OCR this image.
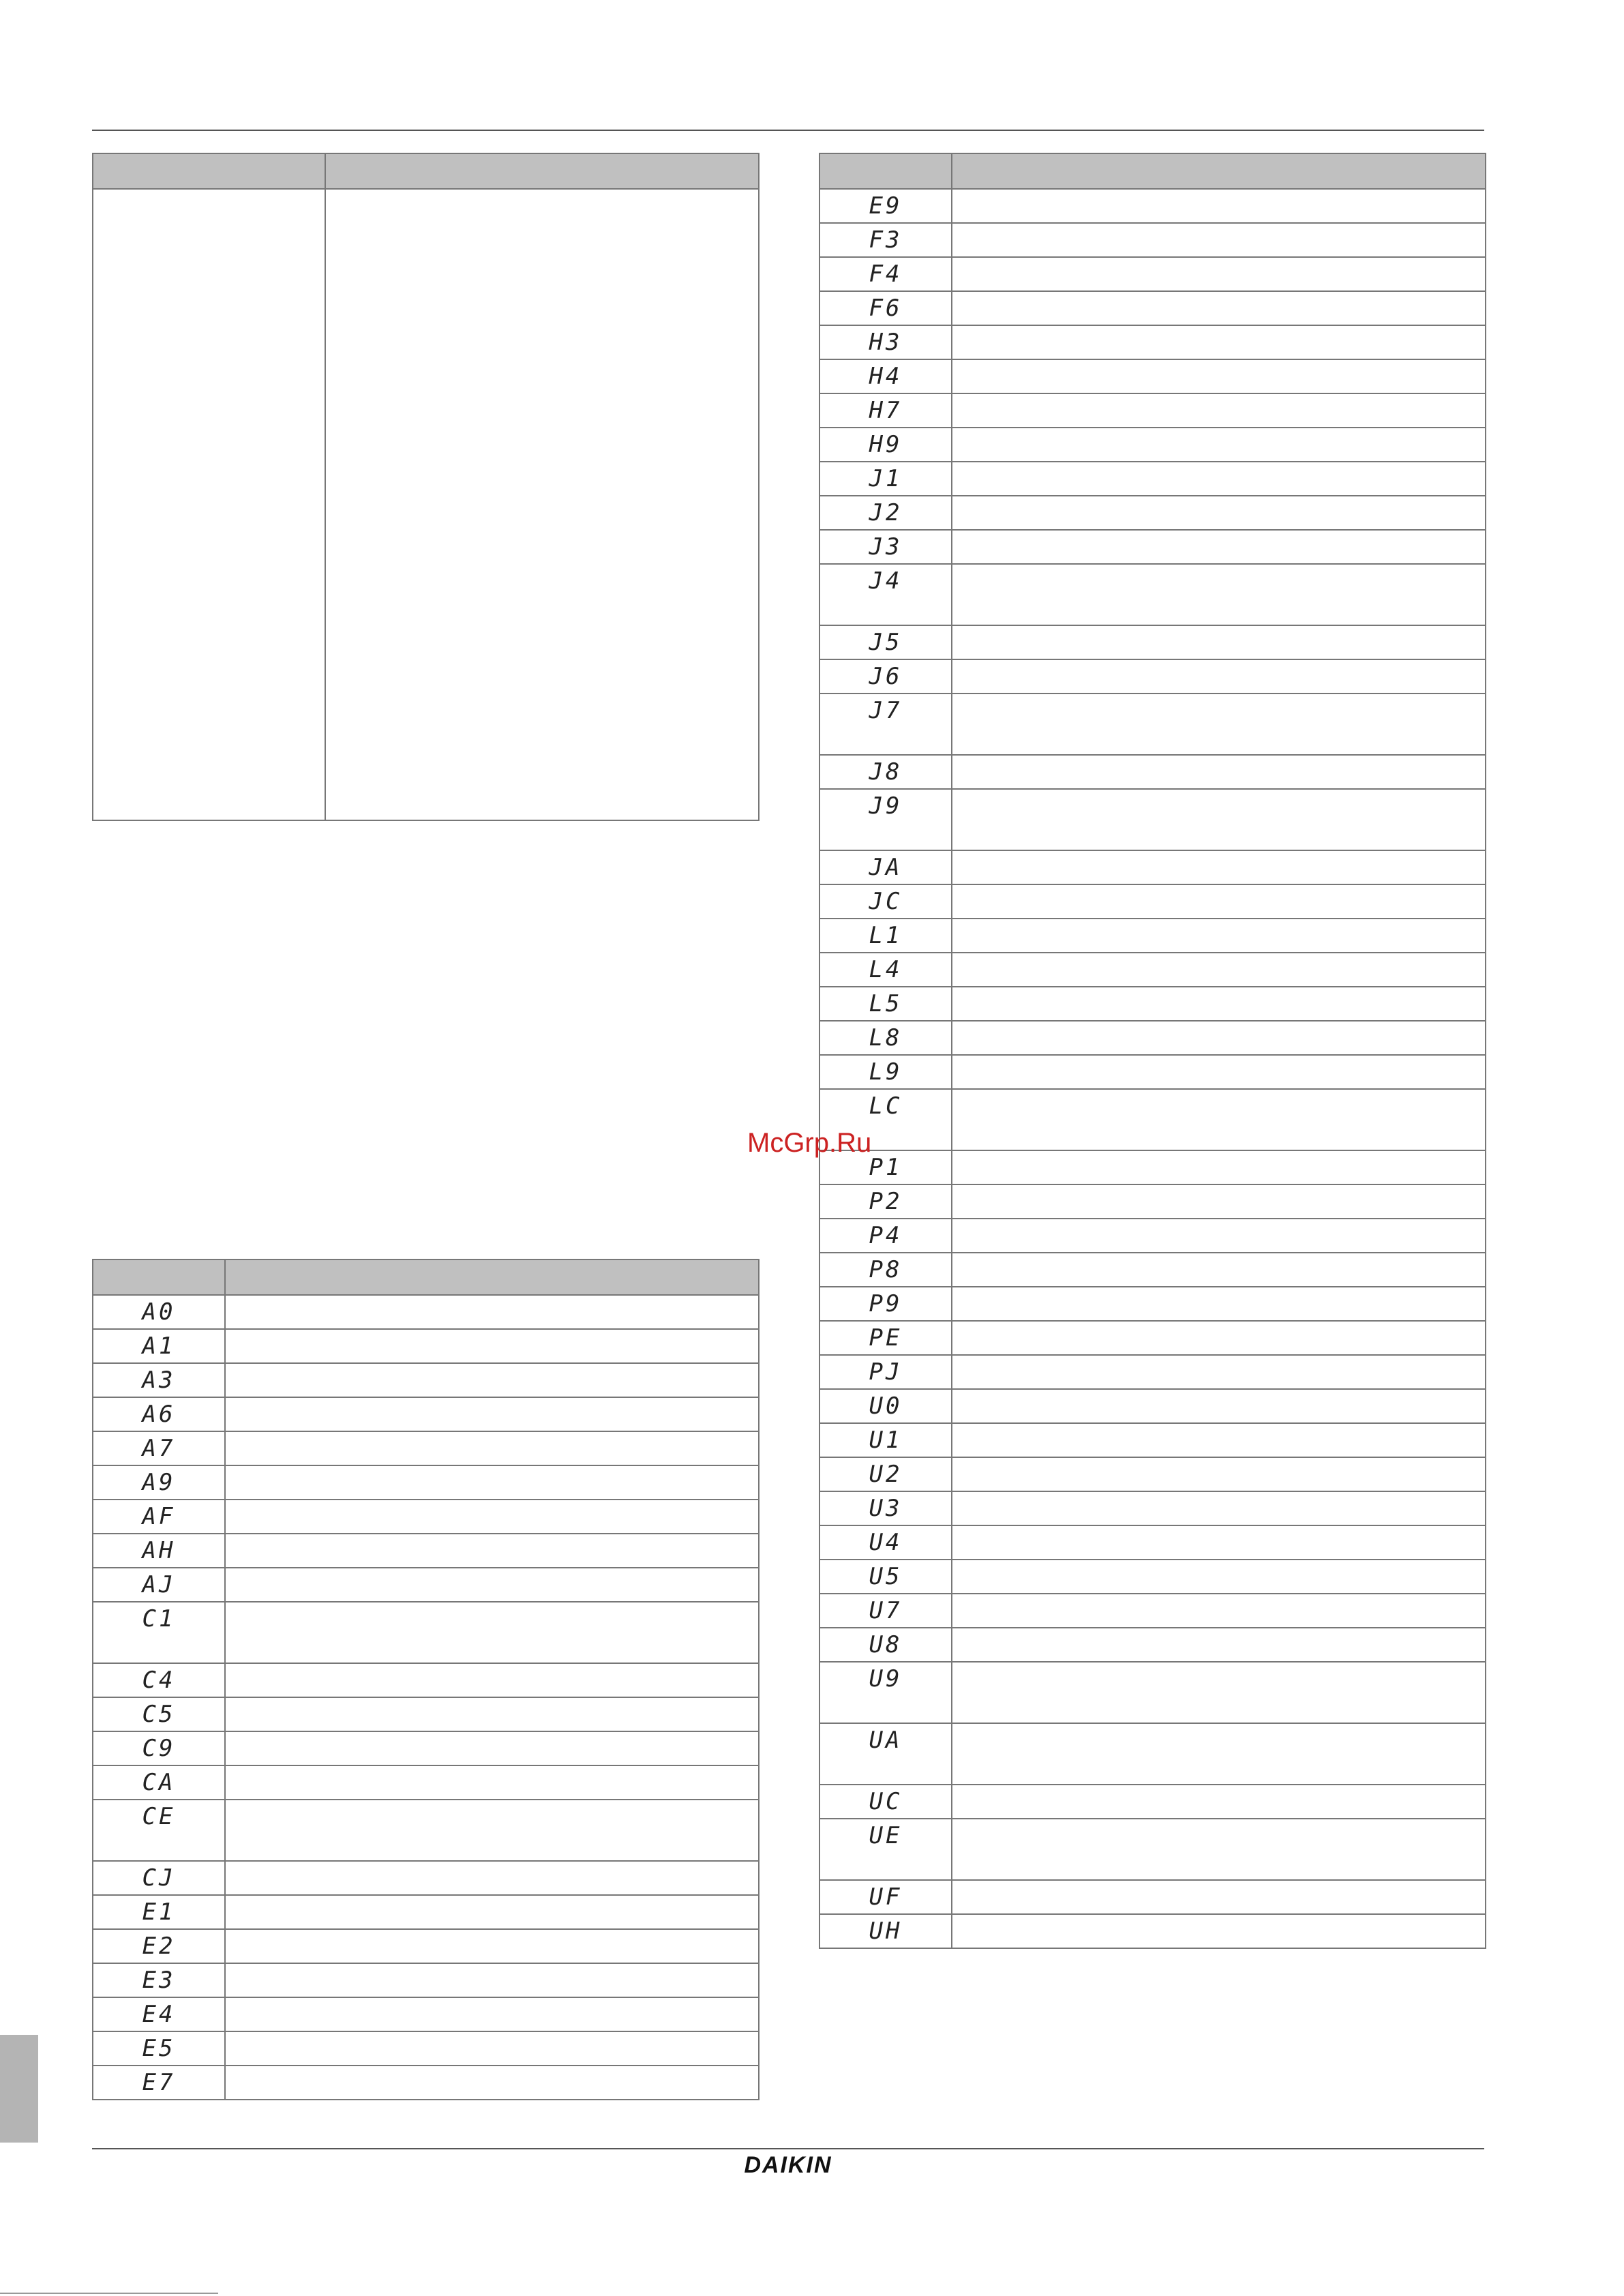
A0	
A1	
A3	
A6	
A7	
A9	
AF	
AH	
AJ	
C1	
C4	
C5	
C9	
CA	
CE	
CJ	
E1	
E2	
E3	
E4	
E5	
E7	

E9	
F3	
F4	
F6	
H3	
H4	
H7	
H9	
J1	
J2	
J3	
J4	
J5	
J6	
J7	
J8	
J9	
JA	
JC	
L1	
L4	
L5	
L8	
L9	
LC	
P1	
P2	
P4	
P8	
P9	
PE	
PJ	
U0	
U1	
U2	
U3	
U4	
U5	
U7	
U8	
U9	
UA	
UC	
UE	
UF	
UH	
McGrp.Ru
DAIKIN
